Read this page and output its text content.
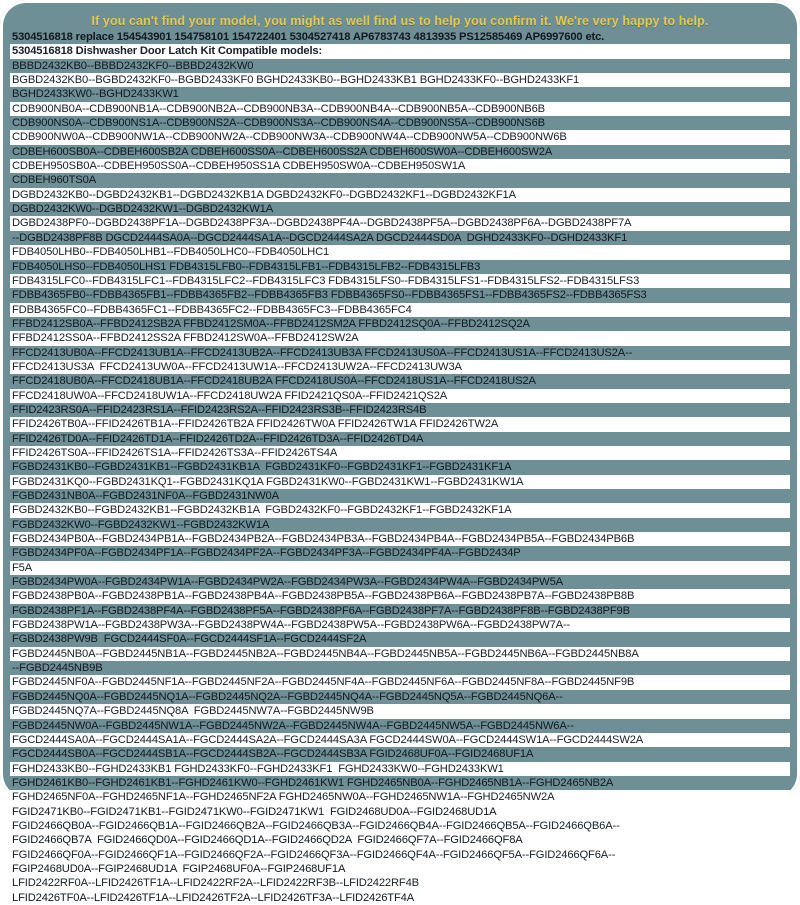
If you can't find your model, you might as well find us to help you confirm it. We're very happy to help.
5304516818 replace 154543901 154758101 154722401 5304527418 AP6783743 4813935 PS12585469 AP6997600 etc.
5304516818 Dishwasher Door Latch Kit Compatible models:
BBBD2432KB0--BBBD2432KF0--BBBD2432KW0
BGBD2432KB0--BGBD2432KF0--BGBD2433KF0 BGHD2433KB0--BGHD2433KB1 BGHD2433KF0--BGHD2433KF1
BGHD2433KW0--BGHD2433KW1
CDB900NB0A--CDB900NB1A--CDB900NB2A--CDB900NB3A--CDB900NB4A--CDB900NB5A--CDB900NB6B
CDB900NS0A--CDB900NS1A--CDB900NS2A--CDB900NS3A--CDB900NS4A--CDB900NS5A--CDB900NS6B
CDB900NW0A--CDB900NW1A--CDB900NW2A--CDB900NW3A--CDB900NW4A--CDB900NW5A--CDB900NW6B
CDBEH600SB0A--CDBEH600SB2A CDBEH600SS0A--CDBEH600SS2A CDBEH600SW0A--CDBEH600SW2A
CDBEH950SB0A--CDBEH950SS0A--CDBEH950SS1A CDBEH950SW0A--CDBEH950SW1A
CDBEH960TS0A
DGBD2432KB0--DGBD2432KB1--DGBD2432KB1A DGBD2432KF0--DGBD2432KF1--DGBD2432KF1A
DGBD2432KW0--DGBD2432KW1--DGBD2432KW1A
DGBD2438PF0--DGBD2438PF1A--DGBD2438PF3A--DGBD2438PF4A--DGBD2438PF5A--DGBD2438PF6A--DGBD2438PF7A
--DGBD2438PF8B DGCD2444SA0A--DGCD2444SA1A--DGCD2444SA2A DGCD2444SD0A  DGHD2433KF0--DGHD2433KF1
FDB4050LHB0--FDB4050LHB1--FDB4050LHC0--FDB4050LHC1
FDB4050LHS0--FDB4050LHS1 FDB4315LFB0--FDB4315LFB1--FDB4315LFB2--FDB4315LFB3
FDB4315LFC0--FDB4315LFC1--FDB4315LFC2--FDB4315LFC3 FDB4315LFS0--FDB4315LFS1--FDB4315LFS2--FDB4315LFS3
FDBB4365FB0--FDBB4365FB1--FDBB4365FB2--FDBB4365FB3 FDBB4365FS0--FDBB4365FS1--FDBB4365FS2--FDBB4365FS3
FDBB4365FC0--FDBB4365FC1--FDBB4365FC2--FDBB4365FC3--FDBB4365FC4
FFBD2412SB0A--FFBD2412SB2A FFBD2412SM0A--FFBD2412SM2A FFBD2412SQ0A--FFBD2412SQ2A
FFBD2412SS0A--FFBD2412SS2A FFBD2412SW0A--FFBD2412SW2A
FFCD2413UB0A--FFCD2413UB1A--FFCD2413UB2A--FFCD2413UB3A FFCD2413US0A--FFCD2413US1A--FFCD2413US2A--
FFCD2413US3A  FFCD2413UW0A--FFCD2413UW1A--FFCD2413UW2A--FFCD2413UW3A
FFCD2418UB0A--FFCD2418UB1A--FFCD2418UB2A FFCD2418US0A--FFCD2418US1A--FFCD2418US2A
FFCD2418UW0A--FFCD2418UW1A--FFCD2418UW2A FFID2421QS0A--FFID2421QS2A
FFID2423RS0A--FFID2423RS1A--FFID2423RS2A--FFID2423RS3B--FFID2423RS4B
FFID2426TB0A--FFID2426TB1A--FFID2426TB2A FFID2426TW0A FFID2426TW1A FFID2426TW2A
FFID2426TD0A--FFID2426TD1A--FFID2426TD2A--FFID2426TD3A--FFID2426TD4A
FFID2426TS0A--FFID2426TS1A--FFID2426TS3A--FFID2426TS4A
FGBD2431KB0--FGBD2431KB1--FGBD2431KB1A  FGBD2431KF0--FGBD2431KF1--FGBD2431KF1A
FGBD2431KQ0--FGBD2431KQ1--FGBD2431KQ1A FGBD2431KW0--FGBD2431KW1--FGBD2431KW1A
FGBD2431NB0A--FGBD2431NF0A--FGBD2431NW0A
FGBD2432KB0--FGBD2432KB1--FGBD2432KB1A  FGBD2432KF0--FGBD2432KF1--FGBD2432KF1A
FGBD2432KW0--FGBD2432KW1--FGBD2432KW1A
FGBD2434PB0A--FGBD2434PB1A--FGBD2434PB2A--FGBD2434PB3A--FGBD2434PB4A--FGBD2434PB5A--FGBD2434PB6B
FGBD2434PF0A--FGBD2434PF1A--FGBD2434PF2A--FGBD2434PF3A--FGBD2434PF4A--FGBD2434P
F5A
FGBD2434PW0A--FGBD2434PW1A--FGBD2434PW2A--FGBD2434PW3A--FGBD2434PW4A--FGBD2434PW5A
FGBD2438PB0A--FGBD2438PB1A--FGBD2438PB4A--FGBD2438PB5A--FGBD2438PB6A--FGBD2438PB7A--FGBD2438PB8B
FGBD2438PF1A--FGBD2438PF4A--FGBD2438PF5A--FGBD2438PF6A--FGBD2438PF7A--FGBD2438PF8B--FGBD2438PF9B
FGBD2438PW1A--FGBD2438PW3A--FGBD2438PW4A--FGBD2438PW5A--FGBD2438PW6A--FGBD2438PW7A--
FGBD2438PW9B  FGCD2444SF0A--FGCD2444SF1A--FGCD2444SF2A
FGBD2445NB0A--FGBD2445NB1A--FGBD2445NB2A--FGBD2445NB4A--FGBD2445NB5A--FGBD2445NB6A--FGBD2445NB8A
--FGBD2445NB9B
FGBD2445NF0A--FGBD2445NF1A--FGBD2445NF2A--FGBD2445NF4A--FGBD2445NF6A--FGBD2445NF8A--FGBD2445NF9B
FGBD2445NQ0A--FGBD2445NQ1A--FGBD2445NQ2A--FGBD2445NQ4A--FGBD2445NQ5A--FGBD2445NQ6A--
FGBD2445NQ7A--FGBD2445NQ8A  FGBD2445NW7A--FGBD2445NW9B
FGBD2445NW0A--FGBD2445NW1A--FGBD2445NW2A--FGBD2445NW4A--FGBD2445NW5A--FGBD2445NW6A--
FGCD2444SA0A--FGCD2444SA1A--FGCD2444SA2A--FGCD2444SA3A FGCD2444SW0A--FGCD2444SW1A--FGCD2444SW2A
FGCD2444SB0A--FGCD2444SB1A--FGCD2444SB2A--FGCD2444SB3A FGID2468UF0A--FGID2468UF1A
FGHD2433KB0--FGHD2433KB1 FGHD2433KF0--FGHD2433KF1  FGHD2433KW0--FGHD2433KW1
FGHD2461KB0--FGHD2461KB1--FGHD2461KW0--FGHD2461KW1 FGHD2465NB0A--FGHD2465NB1A--FGHD2465NB2A
FGHD2465NF0A--FGHD2465NF1A--FGHD2465NF2A FGHD2465NW0A--FGHD2465NW1A--FGHD2465NW2A
FGID2471KB0--FGID2471KB1--FGID2471KW0--FGID2471KW1  FGID2468UD0A--FGID2468UD1A
FGID2466QB0A--FGID2466QB1A--FGID2466QB2A--FGID2466QB3A--FGID2466QB4A--FGID2466QB5A--FGID2466QB6A--
FGID2466QB7A  FGID2466QD0A--FGID2466QD1A--FGID2466QD2A  FGID2466QF7A--FGID2466QF8A
FGID2466QF0A--FGID2466QF1A--FGID2466QF2A--FGID2466QF3A--FGID2466QF4A--FGID2466QF5A--FGID2466QF6A--
FGIP2468UD0A--FGIP2468UD1A  FGIP2468UF0A--FGIP2468UF1A
LFID2422RF0A--LFID2426TF1A--LFID2422RF2A--LFID2422RF3B--LFID2422RF4B
LFID2426TF0A--LFID2426TF1A--LFID2426TF2A--LFID2426TF3A--LFID2426TF4A
